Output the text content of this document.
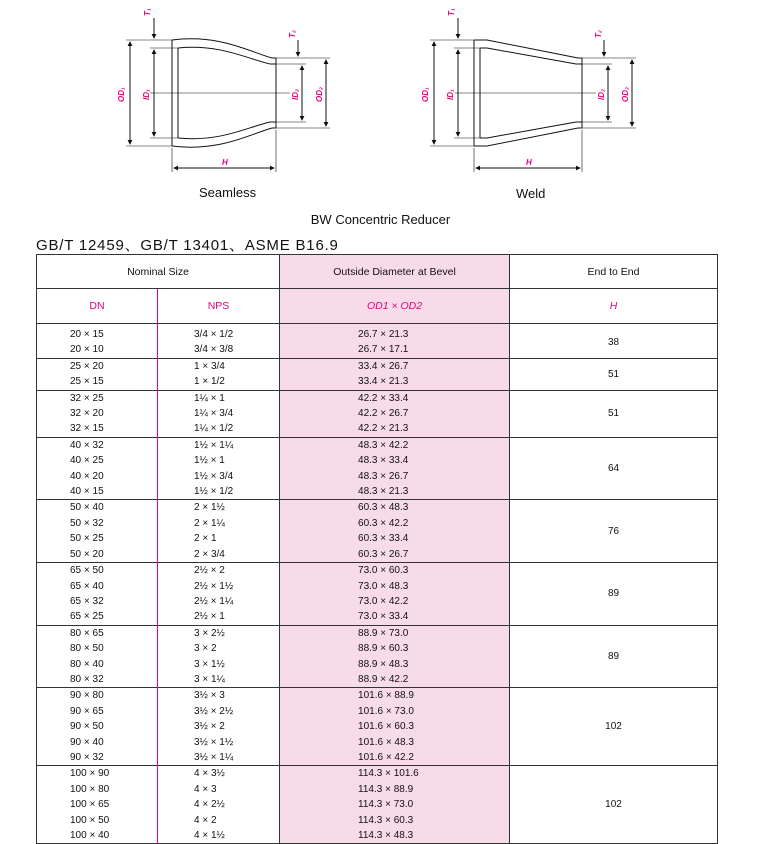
T₁
OD₁ ID₁
T₂
ID₂ OD₂
H
T₁
OD₁ ID₁
T₂
ID₂ OD₂
H
Seamless	Weld
BW Concentric Reducer
GB/T 12459、GB/T 13401、ASME B16.9
Nominal Size		Outside Diameter at Bevel	End to End
DN	NPS	OD1 × OD2	H
20 × 15	3/4 × 1/2	26.7 × 21.3	38
20 × 10	3/4 × 3/8	26.7 × 17.1	
25 × 20	1 × 3/4	33.4 × 26.7	51
25 × 15	1 × 1/2	33.4 × 21.3	
32 × 25	1¼ × 1	42.2 × 33.4	51
32 × 20	1¼ × 3/4	42.2 × 26.7	
32 × 15	1¼ × 1/2	42.2 × 21.3	
40 × 32	1½ × 1¼	48.3 × 42.2	64
40 × 25	1½ × 1	48.3 × 33.4	
40 × 20	1½ × 3/4	48.3 × 26.7	
40 × 15	1½ × 1/2	48.3 × 21.3	
50 × 40	2 × 1½	60.3 × 48.3	76
50 × 32	2 × 1¼	60.3 × 42.2	
50 × 25	2 × 1	60.3 × 33.4	
50 × 20	2 × 3/4	60.3 × 26.7	
65 × 50	2½ × 2	73.0 × 60.3	89
65 × 40	2½ × 1½	73.0 × 48.3	
65 × 32	2½ × 1¼	73.0 × 42.2	
65 × 25	2½ × 1	73.0 × 33.4	
80 × 65	3 × 2½	88.9 × 73.0	89
80 × 50	3 × 2	88.9 × 60.3	
80 × 40	3 × 1½	88.9 × 48.3	
80 × 32	3 × 1¼	88.9 × 42.2	
90 × 80	3½ × 3	101.6 × 88.9	102
90 × 65	3½ × 2½	101.6 × 73.0	
90 × 50	3½ × 2	101.6 × 60.3	
90 × 40	3½ × 1½	101.6 × 48.3	
90 × 32	3½ × 1¼	101.6 × 42.2	
100 × 90	4 × 3½	114.3 × 101.6	102
100 × 80	4 × 3	114.3 × 88.9	
100 × 65	4 × 2½	114.3 × 73.0	
100 × 50	4 × 2	114.3 × 60.3	
100 × 40	4 × 1½	114.3 × 48.3	
